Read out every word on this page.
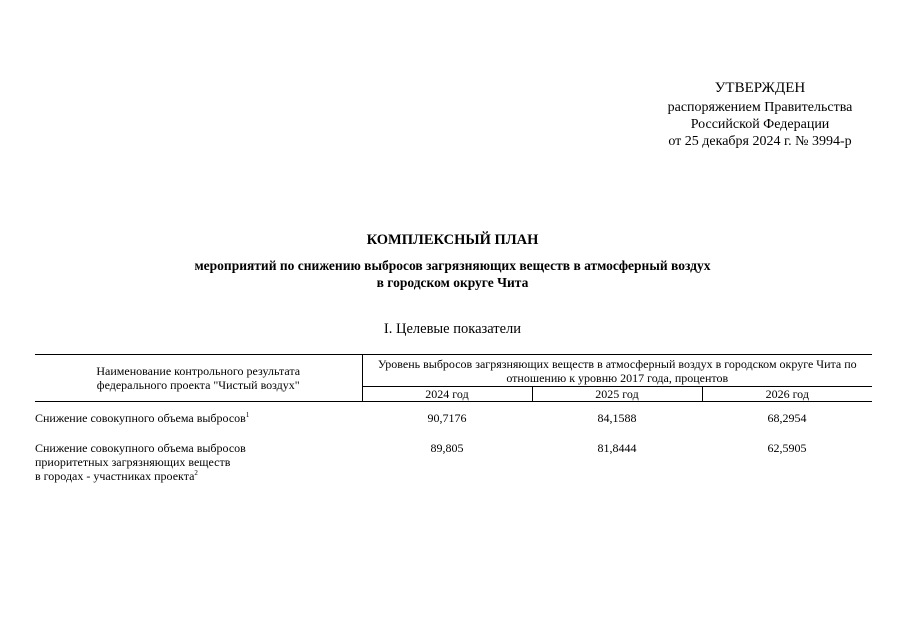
УТВЕРЖДЕН
распоряжением Правительства
Российской Федерации
от 25 декабря 2024 г. № 3994-р
КОМПЛЕКСНЫЙ ПЛАН
мероприятий по снижению выбросов загрязняющих веществ в атмосферный воздух
в городском округе Чита
I. Целевые показатели
Наименование контрольного результата федерального проекта "Чистый воздух"	Уровень выбросов загрязняющих веществ в атмосферный воздух в городском округе Чита по отношению к уровню 2017 года, процентов		

	2024 год	2025 год	2026 год

Снижение совокупного объема выбросов$^1$	90,7176	84,1588	68,2954

Снижение совокупного объема выбросов
приоритетных загрязняющих веществ
в городах - участниках проекта$^2$	89,805	81,8444	62,5905
